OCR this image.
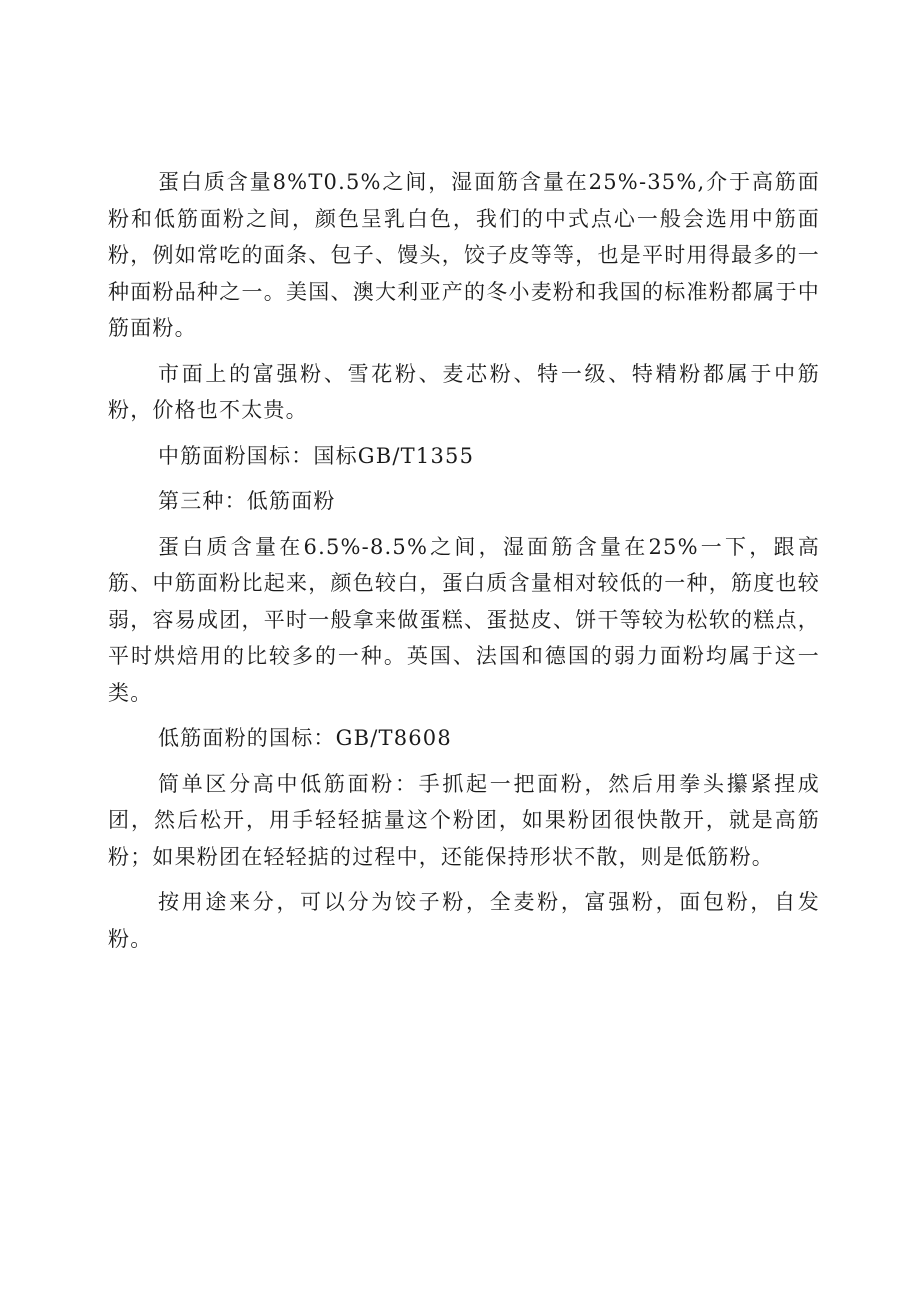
蛋白质含量8%T0.5%之间，湿面筋含量在25%-35%,介于高筋面粉和低筋面粉之间，颜色呈乳白色，我们的中式点心一般会选用中筋面粉，例如常吃的面条、包子、馒头，饺子皮等等，也是平时用得最多的一种面粉品种之一。美国、澳大利亚产的冬小麦粉和我国的标准粉都属于中筋面粉。

市面上的富强粉、雪花粉、麦芯粉、特一级、特精粉都属于中筋粉，价格也不太贵。

中筋面粉国标：国标GB/T1355

第三种：低筋面粉

蛋白质含量在6.5%-8.5%之间，湿面筋含量在25%一下，跟高筋、中筋面粉比起来，颜色较白，蛋白质含量相对较低的一种，筋度也较弱，容易成团，平时一般拿来做蛋糕、蛋挞皮、饼干等较为松软的糕点，平时烘焙用的比较多的一种。英国、法国和德国的弱力面粉均属于这一类。

低筋面粉的国标：GB/T8608

简单区分高中低筋面粉：手抓起一把面粉，然后用拳头攥紧捏成团，然后松开，用手轻轻掂量这个粉团，如果粉团很快散开，就是高筋粉；如果粉团在轻轻掂的过程中，还能保持形状不散，则是低筋粉。

按用途来分，可以分为饺子粉，全麦粉，富强粉，面包粉，自发粉。
